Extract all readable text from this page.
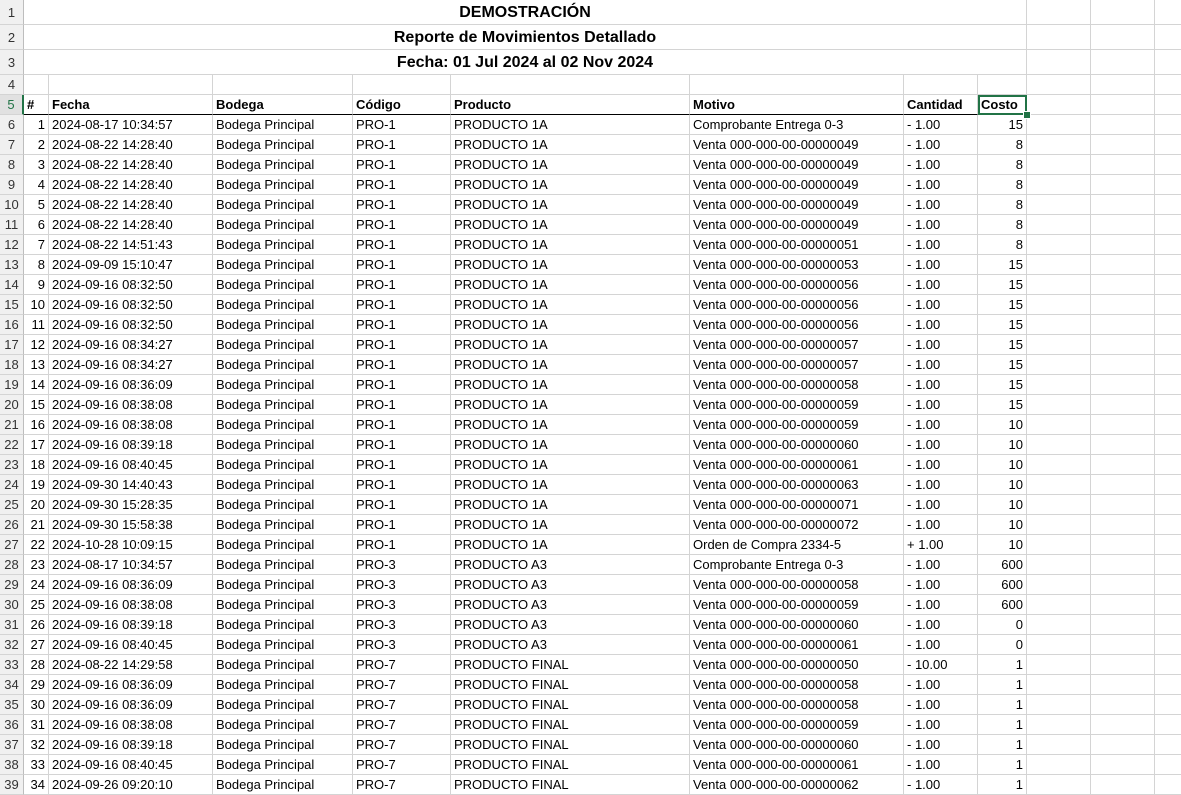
DEMOSTRACIÓN
Reporte de Movimientos Detallado
Fecha: 01 Jul 2024 al 02 Nov 2024
1
2
3
4
5
6
7
8
9
10
11
12
13
14
15
16
17
18
19
20
21
22
23
24
25
26
27
28
29
30
31
32
33
34
35
36
37
38
39
#	Fecha	Bodega	Código	Producto	Motivo	Cantidad	Costo
1 2024-08-17 10:34:57	Bodega Principal	PRO-1	PRODUCTO 1A	Comprobante Entrega 0-3	- 1.00	15
2 2024-08-22 14:28:40	Bodega Principal	PRO-1	PRODUCTO 1A	Venta 000-000-00-00000049	- 1.00	8
3 2024-08-22 14:28:40	Bodega Principal	PRO-1	PRODUCTO 1A	Venta 000-000-00-00000049	- 1.00	8
4 2024-08-22 14:28:40	Bodega Principal	PRO-1	PRODUCTO 1A	Venta 000-000-00-00000049	- 1.00	8
5 2024-08-22 14:28:40	Bodega Principal	PRO-1	PRODUCTO 1A	Venta 000-000-00-00000049	- 1.00	8
6 2024-08-22 14:28:40	Bodega Principal	PRO-1	PRODUCTO 1A	Venta 000-000-00-00000049	- 1.00	8
7 2024-08-22 14:51:43	Bodega Principal	PRO-1	PRODUCTO 1A	Venta 000-000-00-00000051	- 1.00	8
8 2024-09-09 15:10:47	Bodega Principal	PRO-1	PRODUCTO 1A	Venta 000-000-00-00000053	- 1.00	15
9 2024-09-16 08:32:50	Bodega Principal	PRO-1	PRODUCTO 1A	Venta 000-000-00-00000056	- 1.00	15
10 2024-09-16 08:32:50	Bodega Principal	PRO-1	PRODUCTO 1A	Venta 000-000-00-00000056	- 1.00	15
11 2024-09-16 08:32:50	Bodega Principal	PRO-1	PRODUCTO 1A	Venta 000-000-00-00000056	- 1.00	15
12 2024-09-16 08:34:27	Bodega Principal	PRO-1	PRODUCTO 1A	Venta 000-000-00-00000057	- 1.00	15
13 2024-09-16 08:34:27	Bodega Principal	PRO-1	PRODUCTO 1A	Venta 000-000-00-00000057	- 1.00	15
14 2024-09-16 08:36:09	Bodega Principal	PRO-1	PRODUCTO 1A	Venta 000-000-00-00000058	- 1.00	15
15 2024-09-16 08:38:08	Bodega Principal	PRO-1	PRODUCTO 1A	Venta 000-000-00-00000059	- 1.00	15
16 2024-09-16 08:38:08	Bodega Principal	PRO-1	PRODUCTO 1A	Venta 000-000-00-00000059	- 1.00	10
17 2024-09-16 08:39:18	Bodega Principal	PRO-1	PRODUCTO 1A	Venta 000-000-00-00000060	- 1.00	10
18 2024-09-16 08:40:45	Bodega Principal	PRO-1	PRODUCTO 1A	Venta 000-000-00-00000061	- 1.00	10
19 2024-09-30 14:40:43	Bodega Principal	PRO-1	PRODUCTO 1A	Venta 000-000-00-00000063	- 1.00	10
20 2024-09-30 15:28:35	Bodega Principal	PRO-1	PRODUCTO 1A	Venta 000-000-00-00000071	- 1.00	10
21 2024-09-30 15:58:38	Bodega Principal	PRO-1	PRODUCTO 1A	Venta 000-000-00-00000072	- 1.00	10
22 2024-10-28 10:09:15	Bodega Principal	PRO-1	PRODUCTO 1A	Orden de Compra 2334-5	+ 1.00	10
23 2024-08-17 10:34:57	Bodega Principal	PRO-3	PRODUCTO A3	Comprobante Entrega 0-3	- 1.00	600
24 2024-09-16 08:36:09	Bodega Principal	PRO-3	PRODUCTO A3	Venta 000-000-00-00000058	- 1.00	600
25 2024-09-16 08:38:08	Bodega Principal	PRO-3	PRODUCTO A3	Venta 000-000-00-00000059	- 1.00	600
26 2024-09-16 08:39:18	Bodega Principal	PRO-3	PRODUCTO A3	Venta 000-000-00-00000060	- 1.00	0
27 2024-09-16 08:40:45	Bodega Principal	PRO-3	PRODUCTO A3	Venta 000-000-00-00000061	- 1.00	0
28 2024-08-22 14:29:58	Bodega Principal	PRO-7	PRODUCTO FINAL	Venta 000-000-00-00000050	- 10.00	1
29 2024-09-16 08:36:09	Bodega Principal	PRO-7	PRODUCTO FINAL	Venta 000-000-00-00000058	- 1.00	1
30 2024-09-16 08:36:09	Bodega Principal	PRO-7	PRODUCTO FINAL	Venta 000-000-00-00000058	- 1.00	1
31 2024-09-16 08:38:08	Bodega Principal	PRO-7	PRODUCTO FINAL	Venta 000-000-00-00000059	- 1.00	1
32 2024-09-16 08:39:18	Bodega Principal	PRO-7	PRODUCTO FINAL	Venta 000-000-00-00000060	- 1.00	1
33 2024-09-16 08:40:45	Bodega Principal	PRO-7	PRODUCTO FINAL	Venta 000-000-00-00000061	- 1.00	1
34 2024-09-26 09:20:10	Bodega Principal	PRO-7	PRODUCTO FINAL	Venta 000-000-00-00000062	- 1.00	1
